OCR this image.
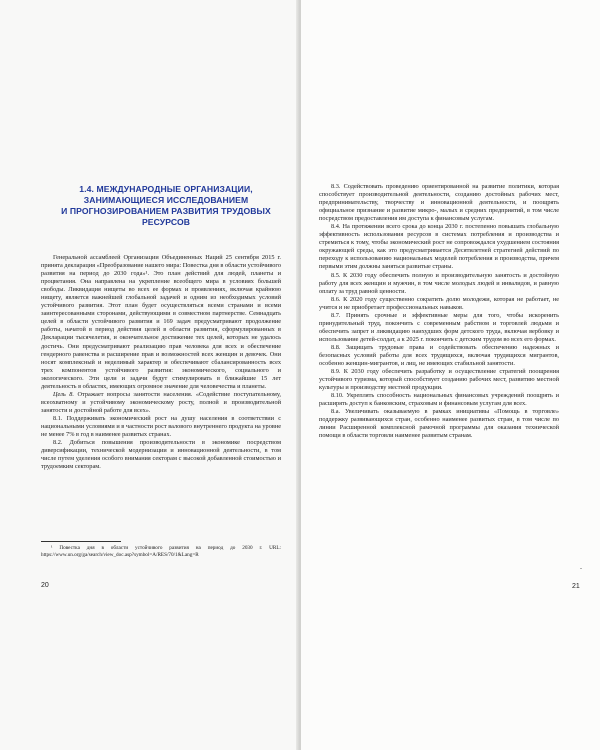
1.4. МЕЖДУНАРОДНЫЕ ОРГАНИЗАЦИИ,
ЗАНИМАЮЩИЕСЯ ИССЛЕДОВАНИЕМ
И ПРОГНОЗИРОВАНИЕМ РАЗВИТИЯ ТРУДОВЫХ
РЕСУРСОВ

Генеральной ассамблеей Организации Объединенных Наций 25 сентября 2015 г. принята декларация «Преобразование нашего мира: Повестка дня в области устойчивого развития на период до 2030 года»¹. Это план действий для людей, планеты и процветания. Она направлена на укрепление всеобщего мира в условиях большей свободы. Ликвидация нищеты во всех ее формах и проявлениях, включая крайнюю нищету, является важнейшей глобальной задачей и одним из необходимых условий устойчивого развития. Этот план будет осуществляться всеми странами и всеми заинтересованными сторонами, действующими в совместном партнерстве. Семнадцать целей в области устойчивого развития и 169 задач предусматривают продолжение работы, начатой в период действия целей в области развития, сформулированных в Декларации тысячелетия, и окончательное достижение тех целей, которых не удалось достичь. Они предусматривают реализацию прав человека для всех и обеспечение гендерного равенства и расширение прав и возможностей всех женщин и девочек. Они носят комплексный и неделимый характер и обеспечивают сбалансированность всех трех компонентов устойчивого развития: экономического, социального и экологического. Эти цели и задачи будут стимулировать в ближайшие 15 лет деятельность в областях, имеющих огромное значение для человечества и планеты.

Цель 8. Отражает вопросы занятости населения. «Содействие поступательному, всеохватному и устойчивому экономическому росту, полной и производительной занятости и достойной работе для всех».

8.1. Поддерживать экономический рост на душу населения в соответствии с национальными условиями и в частности рост валового внутреннего продукта на уровне не менее 7% в год в наименее развитых странах.

8.2. Добиться повышения производительности в экономике посредством диверсификации, технической модернизации и инновационной деятельности, в том числе путем уделения особого внимания секторам с высокой добавленной стоимостью и трудоемким секторам.

¹ Повестка дня в области устойчивого развития на период до 2030 г. URL: https://www.un.org/ga/search/view_doc.asp?symbol=A/RES/70/1&Lang=R

20

8.3. Содействовать проведению ориентированной на развитие политики, которая способствует производительной деятельности, созданию достойных рабочих мест, предпринимательству, творчеству и инновационной деятельности, и поощрять официальное признание и развитие микро-, малых и средних предприятий, в том числе посредством предоставления им доступа к финансовым услугам.

8.4. На протяжении всего срока до конца 2030 г. постепенно повышать глобальную эффективность использования ресурсов в системах потребления и производства и стремиться к тому, чтобы экономический рост не сопровождался ухудшением состояния окружающей среды, как это предусматривается Десятилетней стратегией действий по переходу к использованию национальных моделей потребления и производства, причем первыми этим должны заняться развитые страны.

8.5. К 2030 году обеспечить полную и производительную занятость и достойную работу для всех женщин и мужчин, в том числе молодых людей и инвалидов, и равную оплату за труд равной ценности.

8.6. К 2020 году существенно сократить долю молодежи, которая не работает, не учится и не приобретает профессиональных навыков.

8.7. Принять срочные и эффективные меры для того, чтобы искоренить принудительный труд, покончить с современным рабством и торговлей людьми и обеспечить запрет и ликвидацию наихудших форм детского труда, включая вербовку и использование детей-солдат, а к 2025 г. покончить с детским трудом во всех его формах.

8.8. Защищать трудовые права и содействовать обеспечению надежных и безопасных условий работы для всех трудящихся, включая трудящихся мигрантов, особенно женщин-мигрантов, и лиц, не имеющих стабильной занятости.

8.9. К 2030 году обеспечить разработку и осуществление стратегий поощрения устойчивого туризма, который способствует созданию рабочих мест, развитию местной культуры и производству местной продукции.

8.10. Укреплять способность национальных финансовых учреждений поощрять и расширять доступ к банковским, страховым и финансовым услугам для всех.

8.а. Увеличивать оказываемую в рамках инициативы «Помощь в торговле» поддержку развивающихся стран, особенно наименее развитых стран, в том числе по линии Расширенной комплексной рамочной программы для оказания технической помощи в области торговли наименее развитым странам.

-
21
